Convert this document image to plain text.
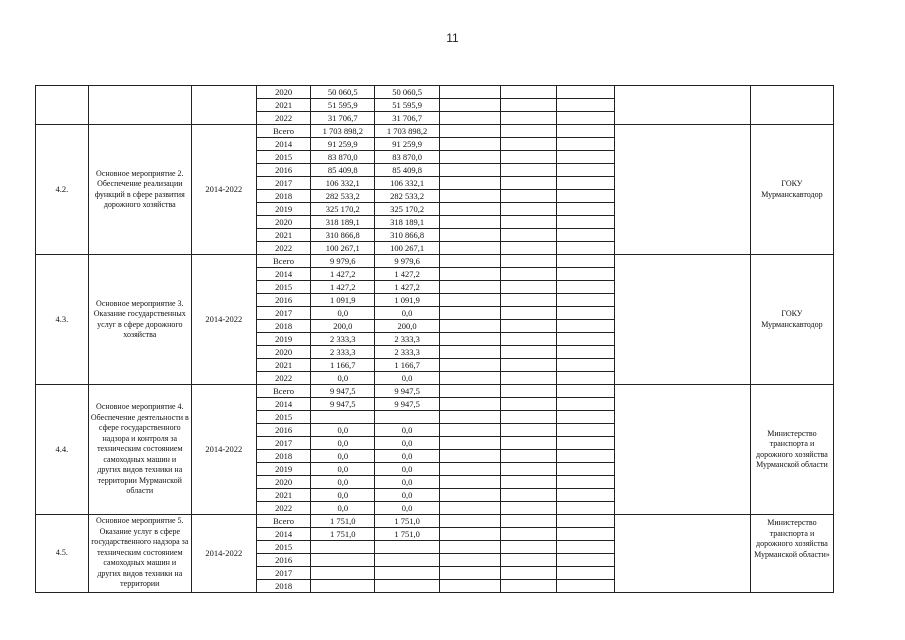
11
			2020	50 060,5	50 060,5					
			2021	51 595,9	51 595,9					
			2022	31 706,7	31 706,7					
4.2.	Основное мероприятие 2. Обеспечение реализации функций в сфере развития дорожного хозяйства	2014-2022	Всего	1 703 898,2	1 703 898,2					ГОКУ Мурманскавтодор
			2014	91 259,9	91 259,9					
			2015	83 870,0	83 870,0					
			2016	85 409,8	85 409,8					
			2017	106 332,1	106 332,1					
			2018	282 533,2	282 533,2					
			2019	325 170,2	325 170,2					
			2020	318 189,1	318 189,1					
			2021	310 866,8	310 866,8					
			2022	100 267,1	100 267,1					
4.3.	Основное мероприятие 3. Оказание государственных услуг в сфере дорожного хозяйства	2014-2022	Всего	9 979,6	9 979,6					ГОКУ Мурманскавтодор
			2014	1 427,2	1 427,2					
			2015	1 427,2	1 427,2					
			2016	1 091,9	1 091,9					
			2017	0,0	0,0					
			2018	200,0	200,0					
			2019	2 333,3	2 333,3					
			2020	2 333,3	2 333,3					
			2021	1 166,7	1 166,7					
			2022	0,0	0,0					
4.4.	Основное мероприятие 4. Обеспечение деятельности в сфере государственного надзора и контроля за техническим состоянием самоходных машин и других видов техники на территории Мурманской области	2014-2022	Всего	9 947,5	9 947,5					Министерство транспорта и дорожного хозяйства Мурманской области
			2014	9 947,5	9 947,5					
			2015							
			2016	0,0	0,0					
			2017	0,0	0,0					
			2018	0,0	0,0					
			2019	0,0	0,0					
			2020	0,0	0,0					
			2021	0,0	0,0					
			2022	0,0	0,0					
4.5.	Основное мероприятие 5. Оказание услуг в сфере государственного надзора за техническим состоянием самоходных машин и других видов техники на территории	2014-2022	Всего	1 751,0	1 751,0					Министерство транспорта и дорожного хозяйства Мурманской области»
			2014	1 751,0	1 751,0					
			2015							
			2016							
			2017							
			2018							
